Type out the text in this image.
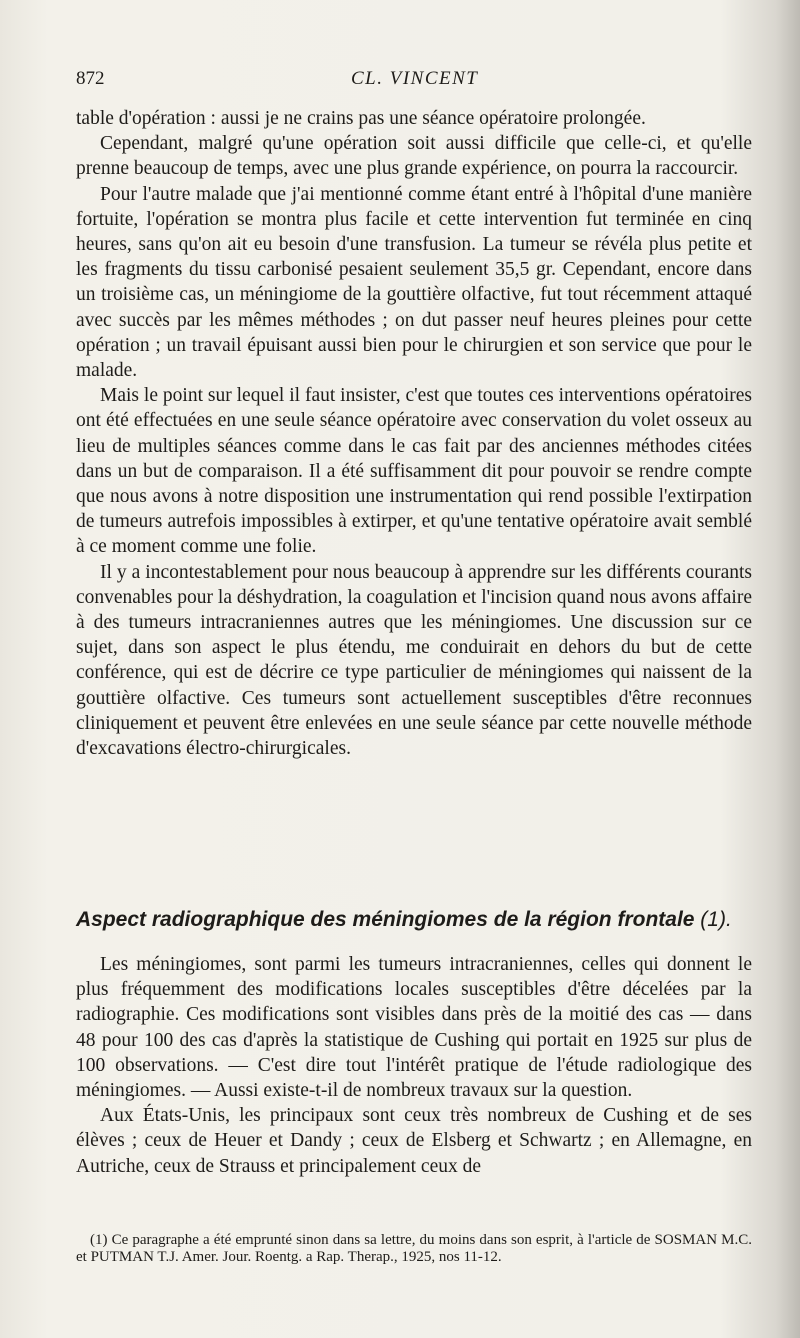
872	CL. VINCENT

table d'opération : aussi je ne crains pas une séance opératoire prolongée.

Cependant, malgré qu'une opération soit aussi difficile que celle-ci, et qu'elle prenne beaucoup de temps, avec une plus grande expérience, on pourra la raccourcir.

Pour l'autre malade que j'ai mentionné comme étant entré à l'hôpital d'une manière fortuite, l'opération se montra plus facile et cette intervention fut terminée en cinq heures, sans qu'on ait eu besoin d'une transfusion. La tumeur se révéla plus petite et les fragments du tissu carbonisé pesaient seulement 35,5 gr. Cependant, encore dans un troisième cas, un méningiome de la gouttière olfactive, fut tout récemment attaqué avec succès par les mêmes méthodes ; on dut passer neuf heures pleines pour cette opération ; un travail épuisant aussi bien pour le chirurgien et son service que pour le malade.

Mais le point sur lequel il faut insister, c'est que toutes ces interventions opératoires ont été effectuées en une seule séance opératoire avec conservation du volet osseux au lieu de multiples séances comme dans le cas fait par des anciennes méthodes citées dans un but de comparaison. Il a été suffisamment dit pour pouvoir se rendre compte que nous avons à notre disposition une instrumentation qui rend possible l'extirpation de tumeurs autrefois impossibles à extirper, et qu'une tentative opératoire avait semblé à ce moment comme une folie.

Il y a incontestablement pour nous beaucoup à apprendre sur les différents courants convenables pour la déshydration, la coagulation et l'incision quand nous avons affaire à des tumeurs intracraniennes autres que les méningiomes. Une discussion sur ce sujet, dans son aspect le plus étendu, me conduirait en dehors du but de cette conférence, qui est de décrire ce type particulier de méningiomes qui naissent de la gouttière olfactive. Ces tumeurs sont actuellement susceptibles d'être reconnues cliniquement et peuvent être enlevées en une seule séance par cette nouvelle méthode d'excavations électro-chirurgicales.

Aspect radiographique des méningiomes de la région frontale (1).

Les méningiomes, sont parmi les tumeurs intracraniennes, celles qui donnent le plus fréquemment des modifications locales susceptibles d'être décelées par la radiographie. Ces modifications sont visibles dans près de la moitié des cas — dans 48 pour 100 des cas d'après la statistique de Cushing qui portait en 1925 sur plus de 100 observations. — C'est dire tout l'intérêt pratique de l'étude radiologique des méningiomes. — Aussi existe-t-il de nombreux travaux sur la question.

Aux États-Unis, les principaux sont ceux très nombreux de Cushing et de ses élèves ; ceux de Heuer et Dandy ; ceux de Elsberg et Schwartz ; en Allemagne, en Autriche, ceux de Strauss et principalement ceux de

(1) Ce paragraphe a été emprunté sinon dans sa lettre, du moins dans son esprit, à l'article de SOSMAN M.C. et PUTMAN T.J. Amer. Jour. Roentg. a Rap. Therap., 1925, nos 11-12.
